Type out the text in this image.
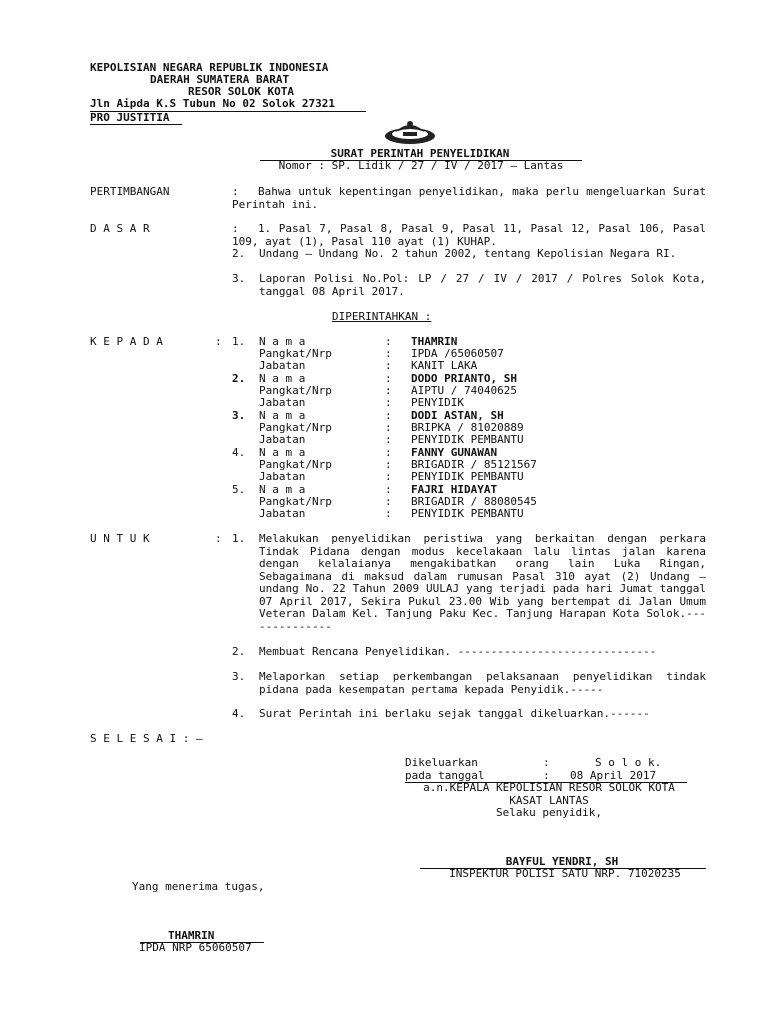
KEPOLISIAN NEGARA REPUBLIK INDONESIA
DAERAH SUMATERA BARAT
RESOR SOLOK KOTA
Jln Aipda K.S Tubun No 02 Solok 27321
PRO JUSTITIA
SURAT PERINTAH PENYELIDIKAN
Nomor : SP. Lidik / 27 / IV / 2017 – Lantas
PERTIMBANGAN	:	Bahwa untuk kepentingan penyelidikan, maka perlu mengeluarkan Surat Perintah ini.
D A S A R	:	1. Pasal 7, Pasal 8, Pasal 9, Pasal 11, Pasal 12, Pasal 106, Pasal 109, ayat (1), Pasal 110 ayat (1) KUHAP.
2. Undang – Undang No. 2 tahun 2002, tentang Kepolisian Negara RI.
3. Laporan Polisi No.Pol: LP / 27 / IV / 2017 / Polres Solok Kota, tanggal 08 April 2017.
DIPERINTAHKAN :
K E P A D A	: 1. N a m a	: THAMRIN
Pangkat/Nrp	: IPDA /65060507
Jabatan	: KANIT LAKA
2. N a m a	: DODO PRIANTO, SH
Pangkat/Nrp	: AIPTU / 74040625
Jabatan	: PENYIDIK
3. N a m a	: DODI ASTAN, SH
Pangkat/Nrp	: BRIPKA / 81020889
Jabatan	: PENYIDIK PEMBANTU
4. N a m a	: FANNY GUNAWAN
Pangkat/Nrp	: BRIGADIR / 85121567
Jabatan	: PENYIDIK PEMBANTU
5. N a m a	: FAJRI HIDAYAT
Pangkat/Nrp	: BRIGADIR / 88080545
Jabatan	: PENYIDIK PEMBANTU
U N T U K	: 1. Melakukan penyelidikan peristiwa yang berkaitan dengan perkara Tindak Pidana dengan modus kecelakaan lalu lintas jalan karena dengan kelalaianya mengakibatkan orang lain Luka Ringan, Sebagaimana di maksud dalam rumusan Pasal 310 ayat (2) Undang – undang No. 22 Tahun 2009 UULAJ yang terjadi pada hari Jumat tanggal 07 April 2017, Sekira Pukul 23.00 Wib yang bertempat di Jalan Umum Veteran Dalam Kel. Tanjung Paku Kec. Tanjung Harapan Kota Solok.--------------
2. Membuat Rencana Penyelidikan. ------------------------------
3. Melaporkan setiap perkembangan pelaksanaan penyelidikan tindak pidana pada kesempatan pertama kepada Penyidik.-----
4. Surat Perintah ini berlaku sejak tanggal dikeluarkan.------
S E L E S A I : –
Dikeluarkan	:	S o l o k.
pada tanggal	: 08 April 2017
a.n.KEPALA KEPOLISIAN RESOR SOLOK KOTA
KASAT LANTAS
Selaku penyidik,
BAYFUL YENDRI, SH
INSPEKTUR POLISI SATU NRP. 71020235
Yang menerima tugas,
THAMRIN
IPDA NRP 65060507
